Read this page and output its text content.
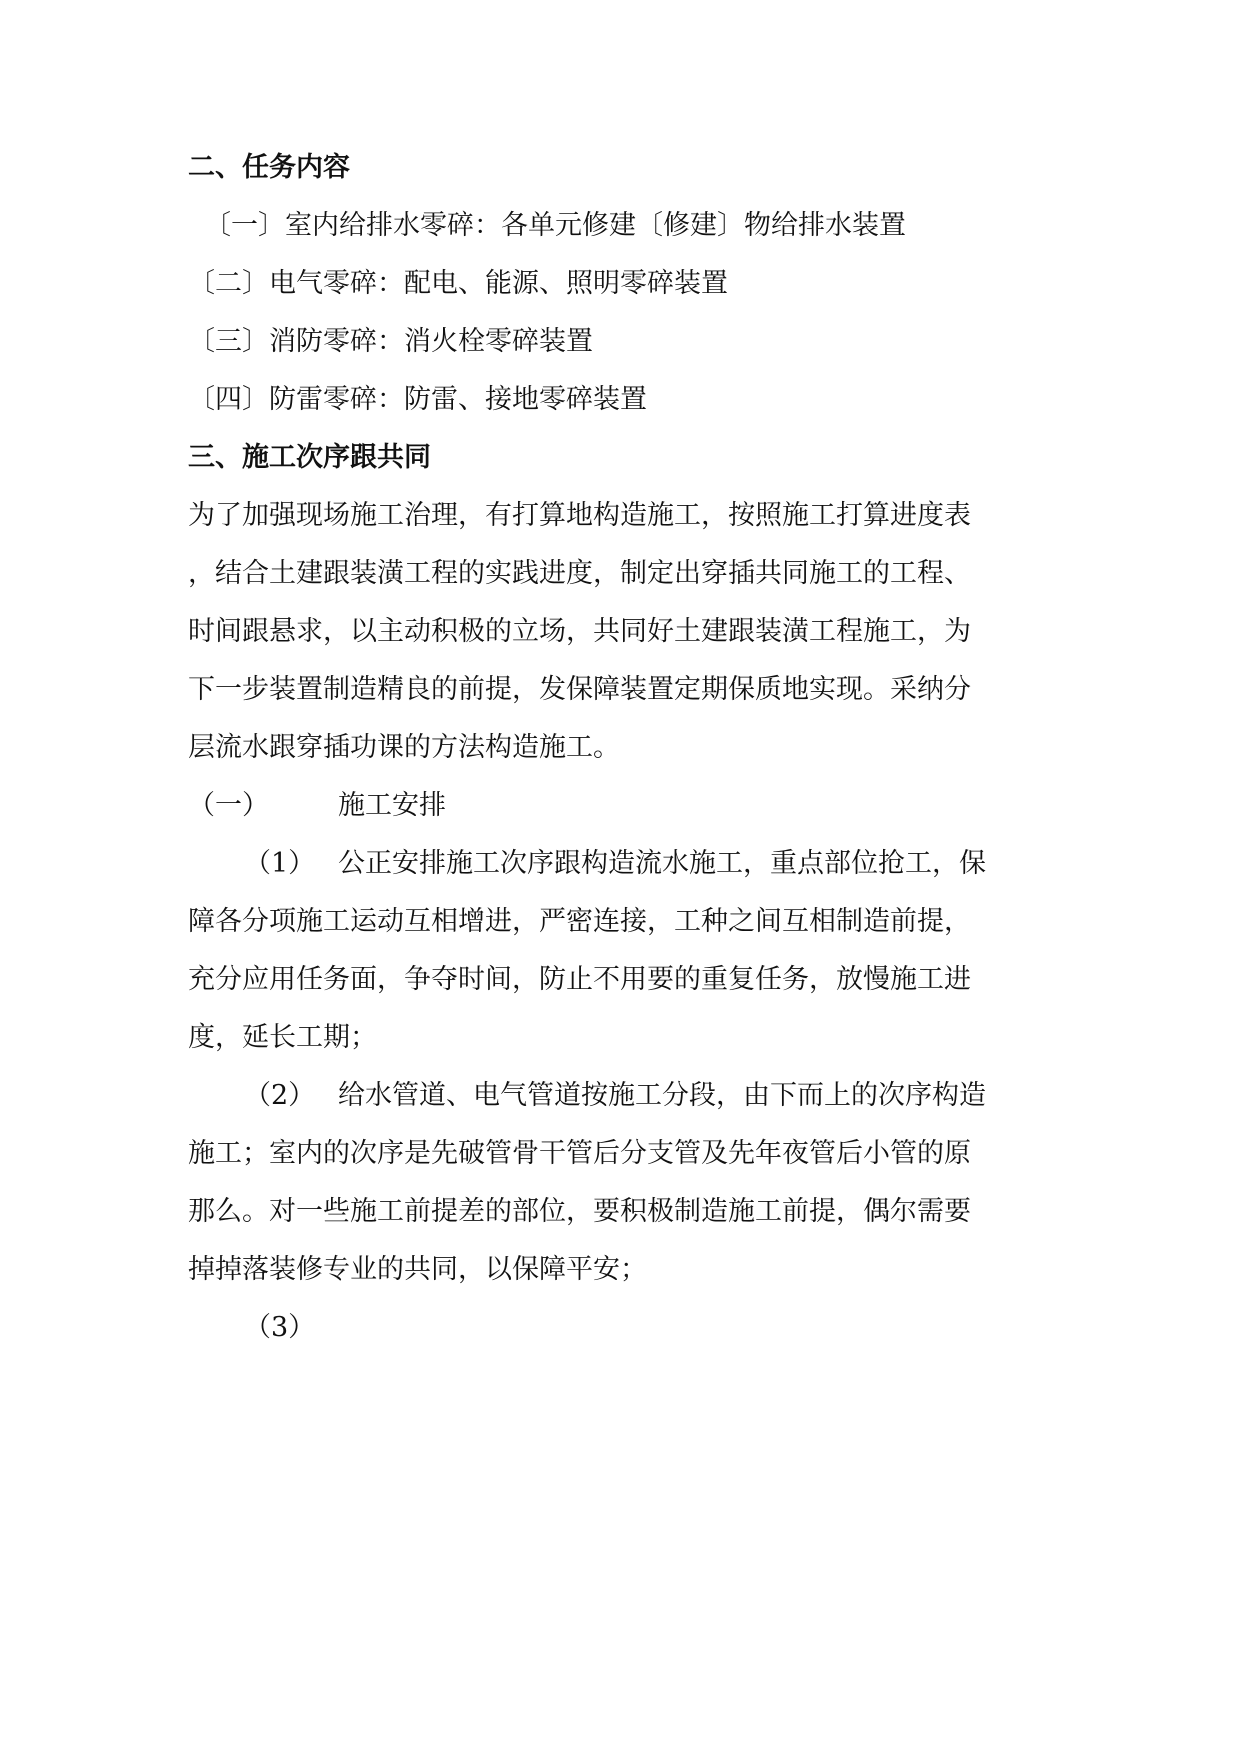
二、任务内容

〔一〕室内给排水零碎：各单元修建〔修建〕物给排水装置

〔二〕电气零碎：配电、能源、照明零碎装置

〔三〕消防零碎：消火栓零碎装置

〔四〕防雷零碎：防雷、接地零碎装置

三、施工次序跟共同

为了加强现场施工治理，有打算地构造施工，按照施工打算进度表

，结合土建跟装潢工程的实践进度，制定出穿插共同施工的工程、

时间跟悬求，以主动积极的立场，共同好土建跟装潢工程施工，为

下一步装置制造精良的前提，发保障装置定期保质地实现。采纳分

层流水跟穿插功课的方法构造施工。

（一）	施工安排

（1） 公正安排施工次序跟构造流水施工，重点部位抢工，保

障各分项施工运动互相增进，严密连接，工种之间互相制造前提，

充分应用任务面，争夺时间，防止不用要的重复任务，放慢施工进

度，延长工期；

（2） 给水管道、电气管道按施工分段，由下而上的次序构造

施工；室内的次序是先破管骨干管后分支管及先年夜管后小管的原

那么。对一些施工前提差的部位，要积极制造施工前提，偶尔需要

掉掉落装修专业的共同，以保障平安；

（3）
